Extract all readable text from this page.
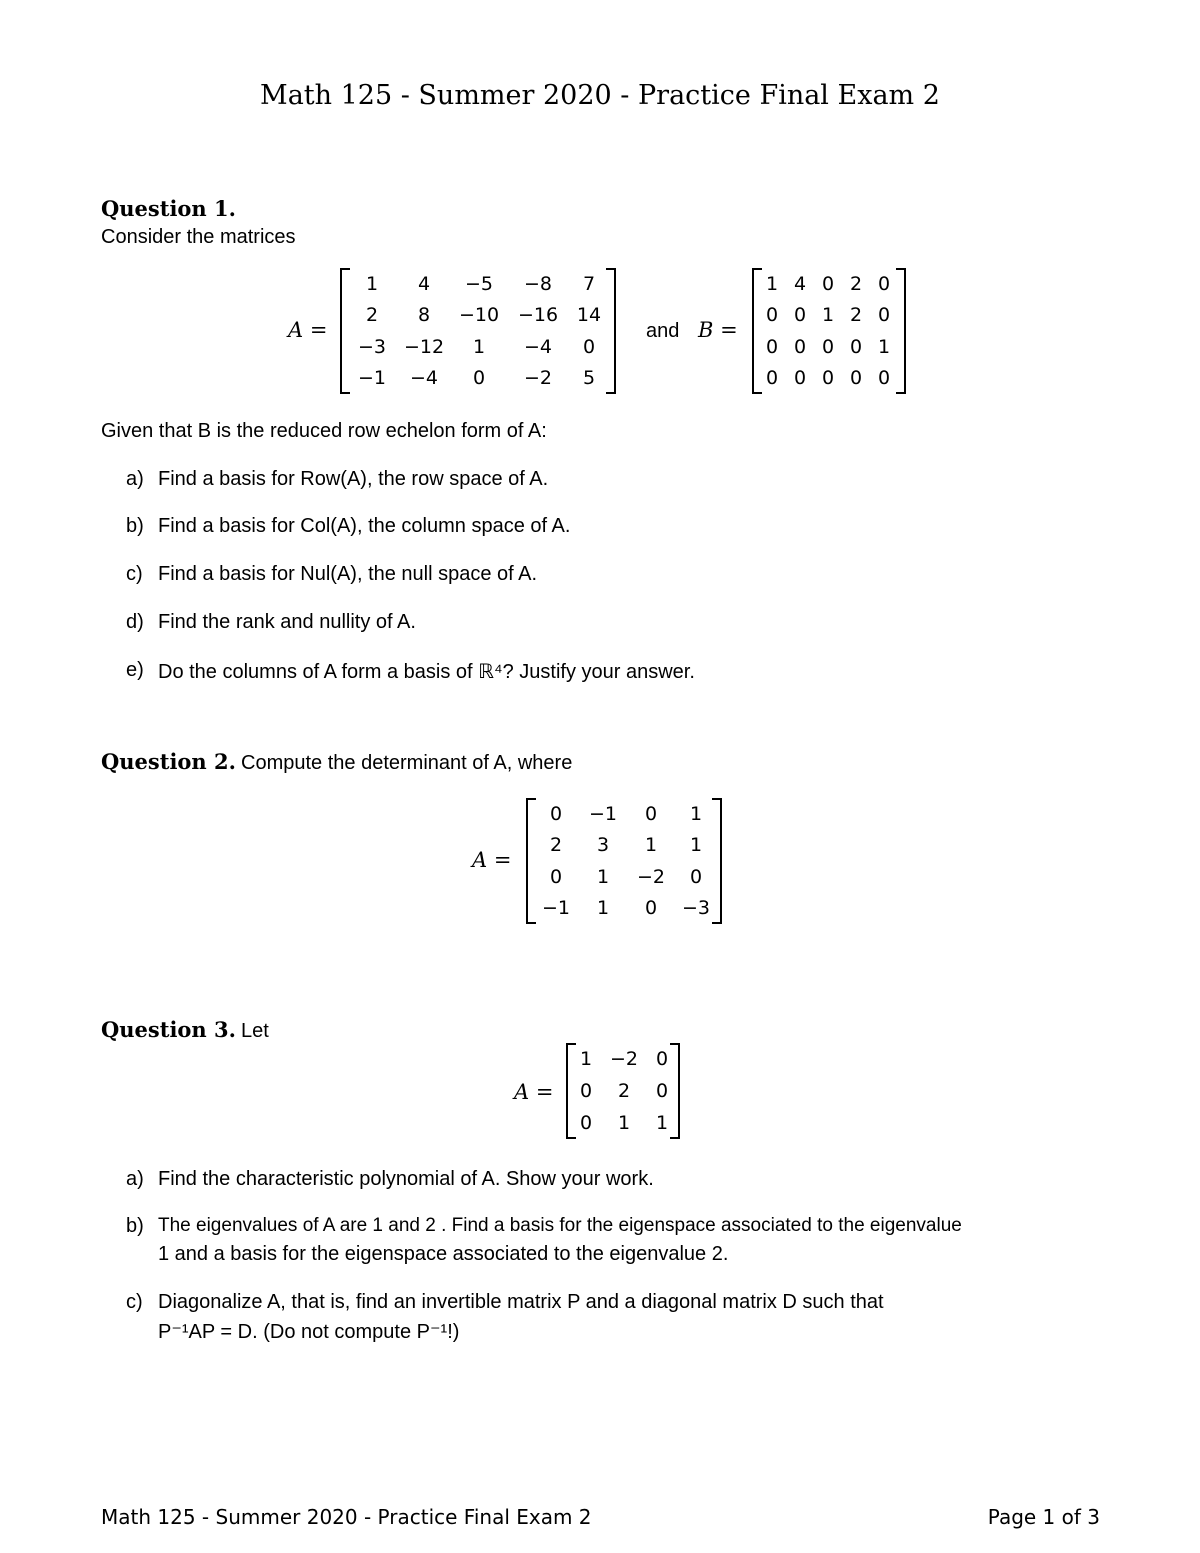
Math 125 - Summer 2020 - Practice Final Exam 2
Question 1.
Consider the matrices
A =
1	4	−5	−8	7
2	8	−10 −16 14
−3 −12	1	−4	0
−1	−4	0	−2	5
and B =
1 4 0 2 0
0 0 1 2 0
0 0 0 0 1
0 0 0 0 0
Given that B is the reduced row echelon form of A:
a) Find a basis for Row(A), the row space of A.
b) Find a basis for Col(A), the column space of A.
c) Find a basis for Nul(A), the null space of A.
d) Find the rank and nullity of A.
e) Do the columns of A form a basis of ℝ⁴? Justify your answer.
Question 2. Compute the determinant of A, where
A =
0	−1	0	1
2	3	1	1
0	1	−2	0
−1	1	0	−3
Question 3. Let
A =
1 −2 0
0	2	0
0	1	1
a) Find the characteristic polynomial of A. Show your work.
b) The eigenvalues of A are 1 and 2 . Find a basis for the eigenspace associated to the eigenvalue
1 and a basis for the eigenspace associated to the eigenvalue 2.
c) Diagonalize A, that is, find an invertible matrix P and a diagonal matrix D such that
P⁻¹AP = D. (Do not compute P⁻¹!)
Math 125 - Summer 2020 - Practice Final Exam 2	Page 1 of 3
